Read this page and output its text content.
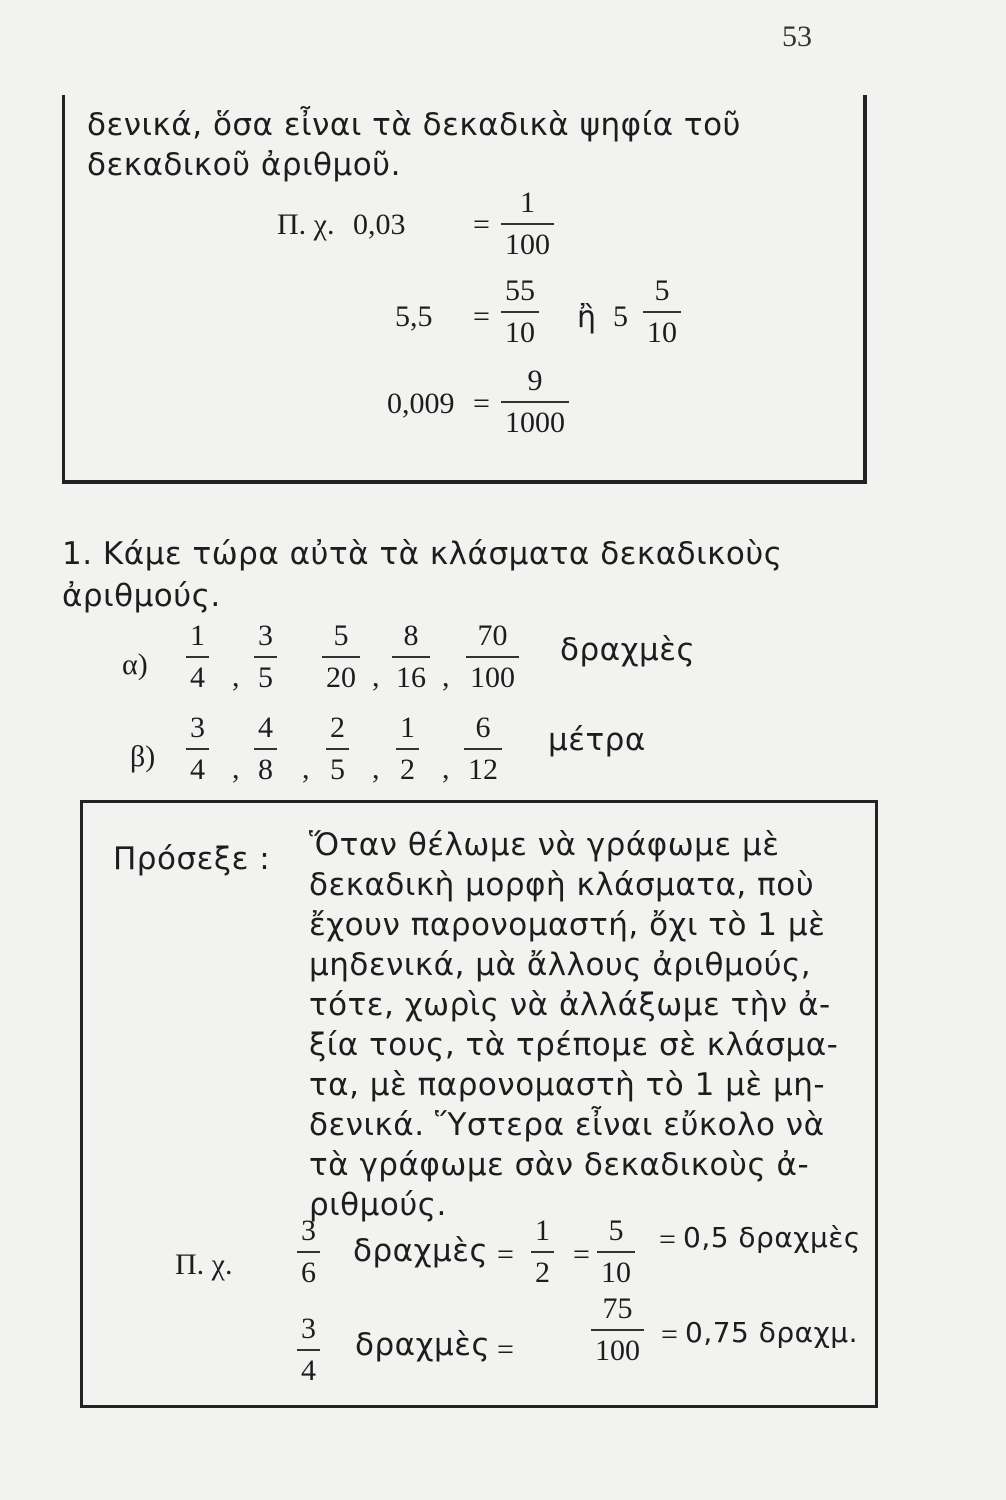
53
δενικά, ὅσα εἶναι τὰ δεκαδικὰ ψηφία τοῦ
δεκαδικοῦ ἀριθμοῦ.
Π. χ. $0,03 = \frac{1}{100}$
$5,5 = \frac{55}{10}$ ἢ $5 \frac{5}{10}$
$0,009 = \frac{9}{1000}$
1. Κάμε τώρα αὐτὰ τὰ κλάσματα δεκαδικοὺς
ἀριθμούς.
$\alpha) \frac{1}{4}$ , $\frac{3}{5} \frac{5}{20}$ , $\frac{8}{16}$ , $\frac{70}{100}$ δραχμὲς
$\beta) \frac{3}{4}$ , $\frac{4}{8}$ , $\frac{2}{5}$ , $\frac{1}{2}$ , $\frac{6}{12}$ μέτρα
Πρόσεξε : Ὅταν θέλωμε νὰ γράφωμε μὲ
δεκαδικὴ μορφὴ κλάσματα, ποὺ
ἔχουν παρονομαστή, ὄχι τὸ 1 μὲ
μηδενικά, μὰ ἄλλους ἀριθμούς,
τότε, χωρὶς νὰ ἀλλάξωμε τὴν ἀ-
ξία τους, τὰ τρέπομε σὲ κλάσμα-
τα, μὲ παρονομαστὴ τὸ 1 μὲ μη-
δενικά. Ὕστερα εἶναι εὔκολο νὰ
τὰ γράφωμε σὰν δεκαδικοὺς ἀ-
ριθμούς.
Π. χ. $\frac{3}{6}$ δραχμὲς = $\frac{1}{2} = \frac{5}{10} = 0,5$ δραχμὲς
$\frac{3}{4}$ δραχμὲς =	$\frac{75}{100} = 0,75$ δραχμ.
